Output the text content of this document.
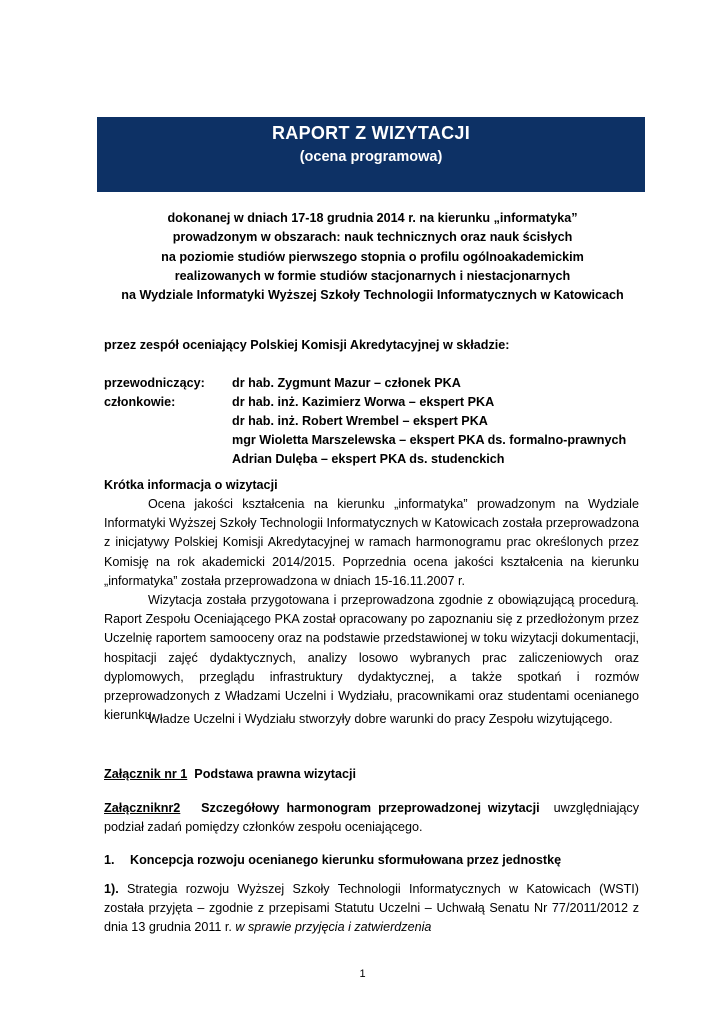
RAPORT Z WIZYTACJI
(ocena programowa)
dokonanej w dniach 17-18 grudnia 2014 r. na kierunku „informatyka”
prowadzonym w obszarach: nauk technicznych oraz nauk ścisłych
na poziomie studiów pierwszego stopnia o profilu ogólnoakademickim
realizowanych w formie studiów stacjonarnych i niestacjonarnych
na Wydziale Informatyki Wyższej Szkoły Technologii Informatycznych w Katowicach
przez zespół oceniający Polskiej Komisji Akredytacyjnej w składzie:
przewodniczący: dr hab. Zygmunt Mazur – członek PKA
członkowie:	dr hab. inż. Kazimierz Worwa – ekspert PKA
dr hab. inż. Robert Wrembel – ekspert PKA
mgr Wioletta Marszelewska – ekspert PKA ds. formalno-prawnych
Adrian Dulęba – ekspert PKA ds. studenckich
Krótka informacja o wizytacji
Ocena jakości kształcenia na kierunku „informatyka” prowadzonym na Wydziale Informatyki Wyższej Szkoły Technologii Informatycznych w Katowicach została przeprowadzona z inicjatywy Polskiej Komisji Akredytacyjnej w ramach harmonogramu prac określonych przez Komisję na rok akademicki 2014/2015. Poprzednia ocena jakości kształcenia na kierunku „informatyka” została przeprowadzona w dniach 15-16.11.2007 r.
Wizytacja została przygotowana i przeprowadzona zgodnie z obowiązującą procedurą. Raport Zespołu Oceniającego PKA został opracowany po zapoznaniu się z przedłożonym przez Uczelnię raportem samooceny oraz na podstawie przedstawionej w toku wizytacji dokumentacji, hospitacji zajęć dydaktycznych, analizy losowo wybranych prac zaliczeniowych oraz dyplomowych, przeglądu infrastruktury dydaktycznej, a także spotkań i rozmów przeprowadzonych z Władzami Uczelni i Wydziału, pracownikami oraz studentami ocenianego kierunku.
Władze Uczelni i Wydziału stworzyły dobre warunki do pracy Zespołu wizytującego.
Załącznik nr 1 Podstawa prawna wizytacji
Załączniknr2 Szczegółowy harmonogram przeprowadzonej wizytacji uwzględniający podział zadań pomiędzy członków zespołu oceniającego.
1. Koncepcja rozwoju ocenianego kierunku sformułowana przez jednostkę
1). Strategia rozwoju Wyższej Szkoły Technologii Informatycznych w Katowicach (WSTI) została przyjęta – zgodnie z przepisami Statutu Uczelni – Uchwałą Senatu Nr 77/2011/2012 z dnia 13 grudnia 2011 r. w sprawie przyjęcia i zatwierdzenia
1
